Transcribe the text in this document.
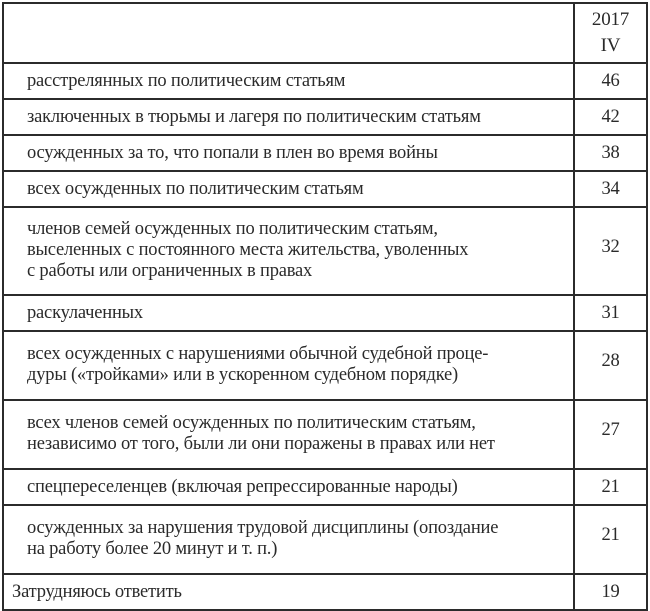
	2017
IV

расстрелянных по политическим статьям	46
заключенных в тюрьмы и лагеря по политическим статьям	42
осужденных за то, что попали в плен во время войны	38
всех осужденных по политическим статьям	34

членов семей осужденных по политическим статьям,
выселенных с постоянного места жительства, уволенных
с работы или ограниченных в правах	32
раскулаченных	31

всех осужденных с нарушениями обычной судебной проце-
дуры («тройками» или в ускоренном судебном порядке)	28

всех членов семей осужденных по политическим статьям,
независимо от того, были ли они поражены в правах или нет	27
спецпереселенцев (включая репрессированные народы)	21

осужденных за нарушения трудовой дисциплины (опоздание
на работу более 20 минут и т. п.)	21
Затрудняюсь ответить	19
